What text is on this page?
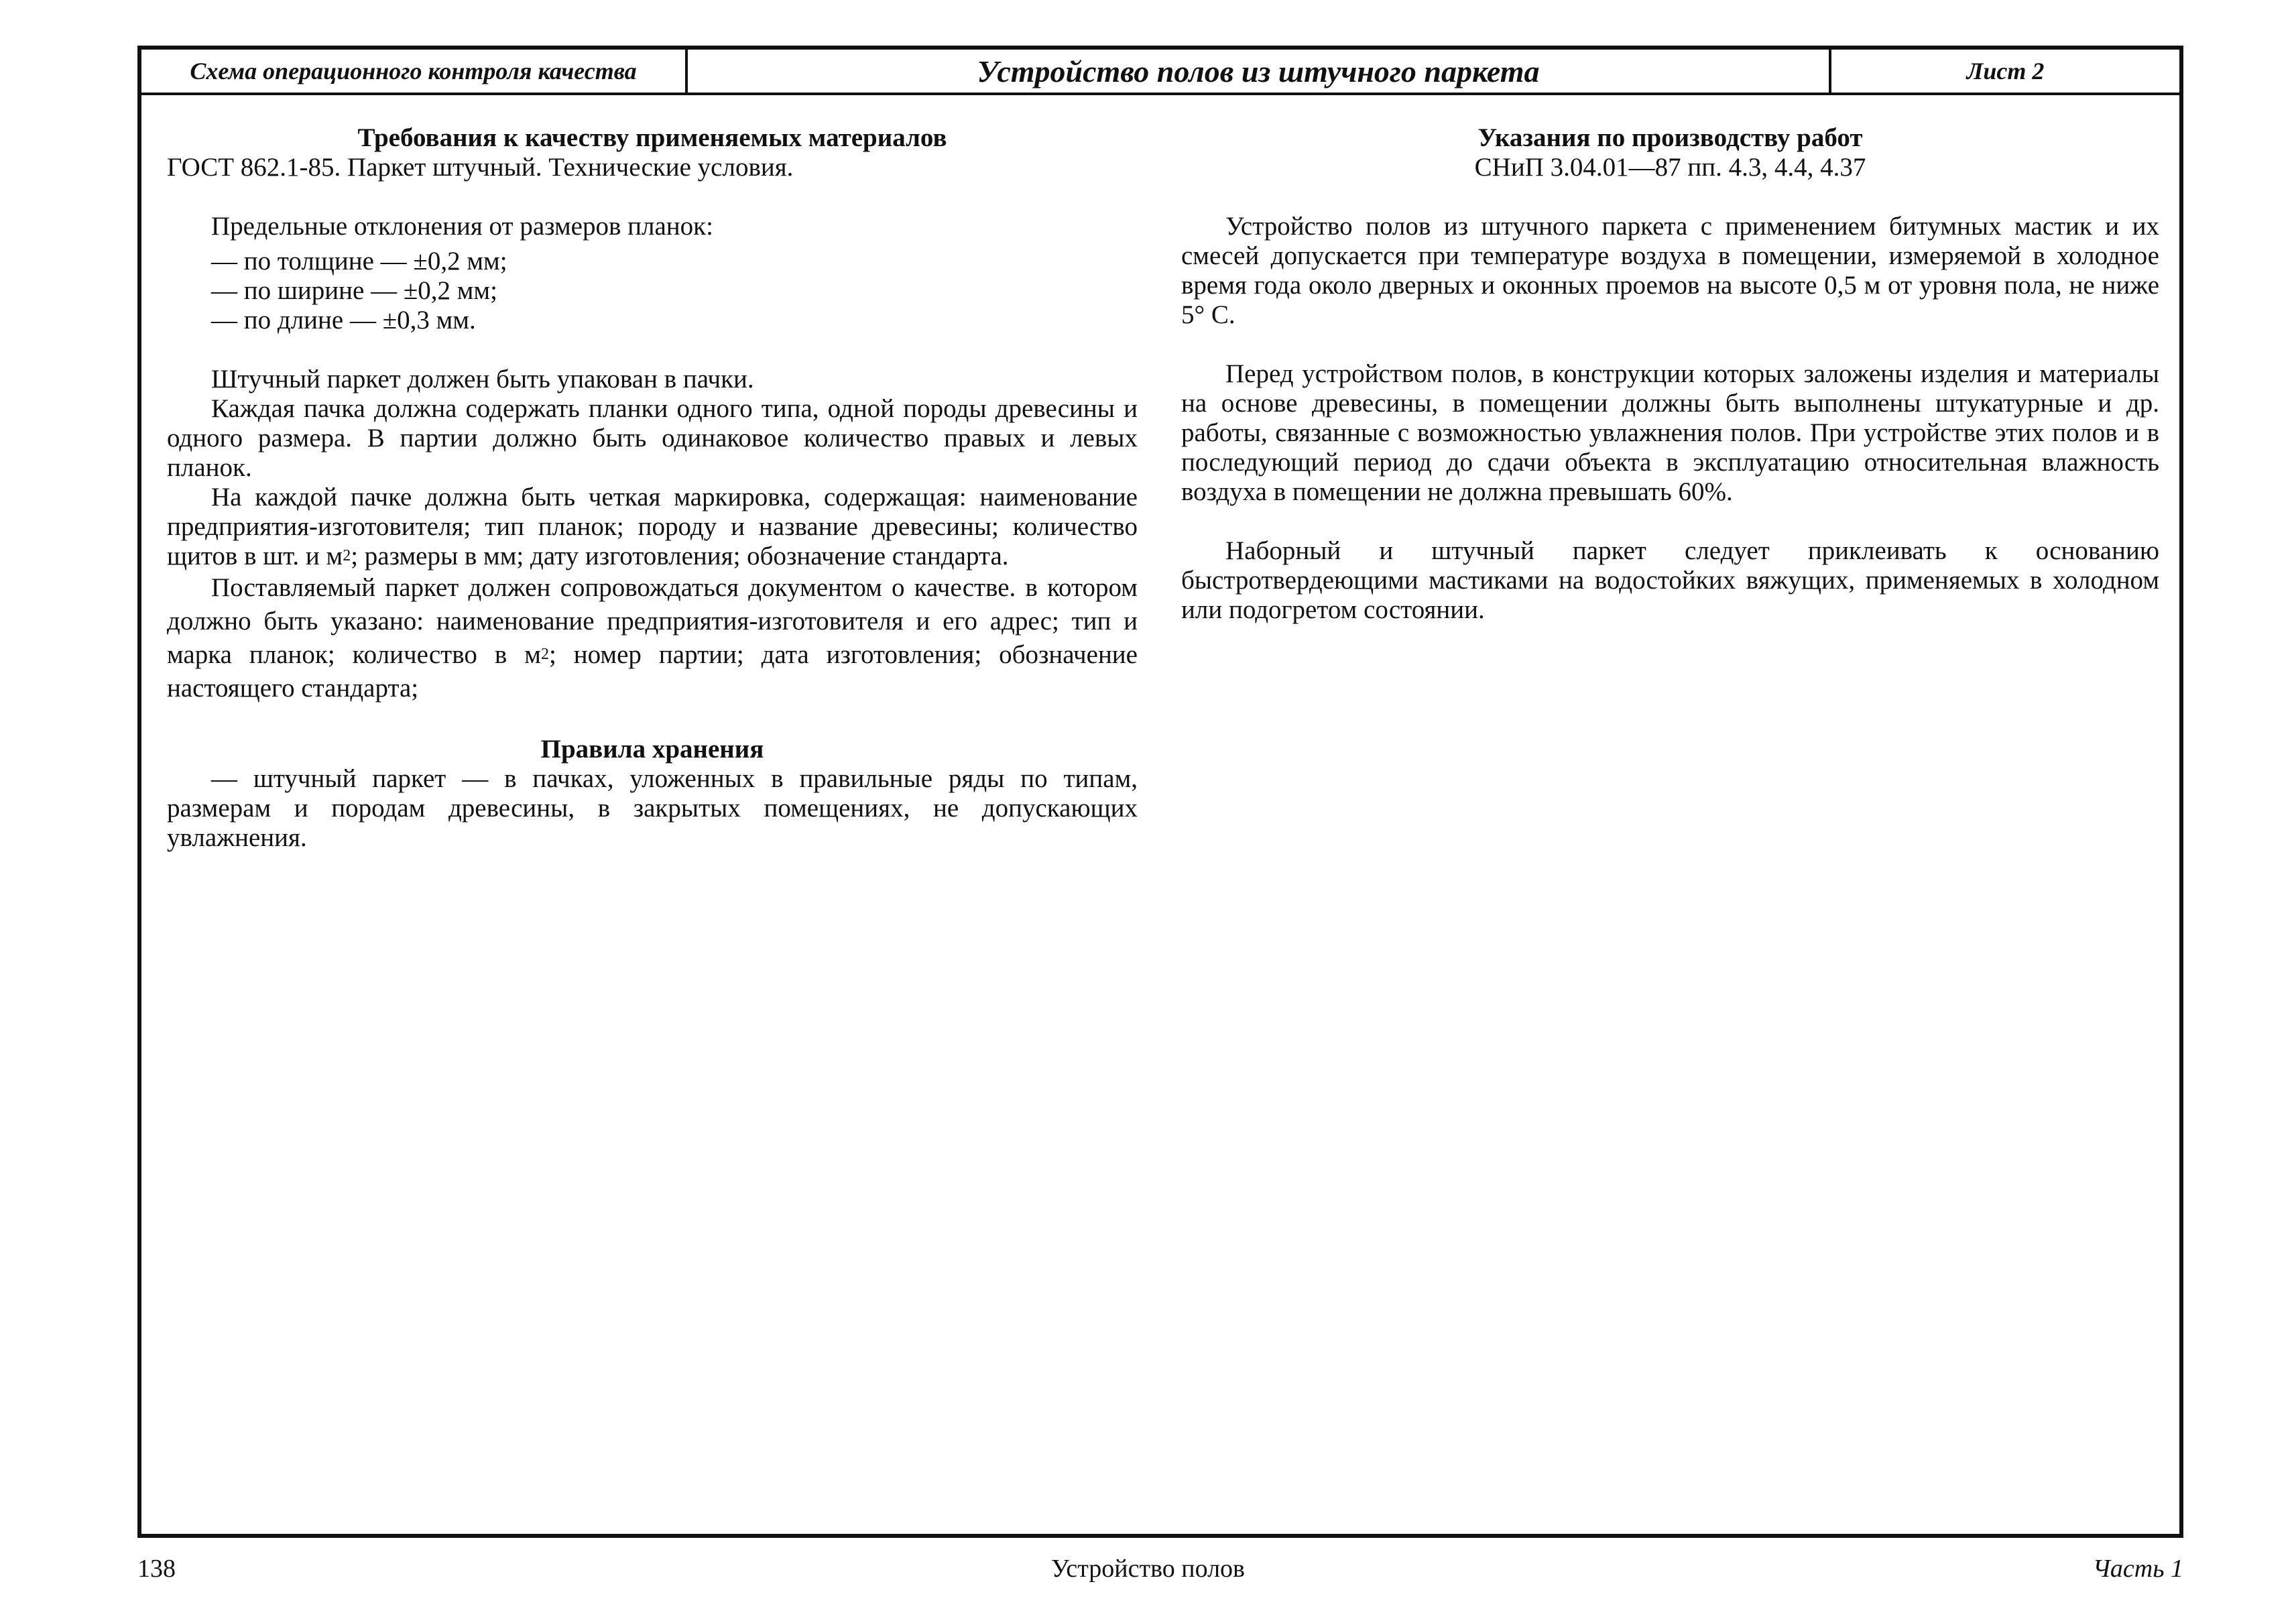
Схема операционного контроля качества	Устройство полов из штучного паркета	Лист 2
Требования к качеству применяемых материалов

ГОСТ 862.1-85. Паркет штучный. Технические условия.

Предельные отклонения от размеров планок:

— по толщине — ±0,2 мм;
— по ширине — ±0,2 мм;
— по длине — ±0,3 мм.

Штучный паркет должен быть упакован в пачки.

Каждая пачка должна содержать планки одного типа, одной породы древесины и одного размера. В партии должно быть одинаковое количество правых и левых планок.

На каждой пачке должна быть четкая маркировка, содержащая: наименование предприятия-изготовителя; тип планок; породу и название древесины; количество щитов в шт. и $м^2$; размеры в мм; дату изготовления; обозначение стандарта.

Поставляемый паркет должен сопровождаться документом о качестве. в котором должно быть указано: наименование предприятия-изготовителя и его адрес; тип и марка планок; количество в $м^2$; номер партии; дата изготовления; обозначение настоящего стандарта;

Правила хранения

— штучный паркет — в пачках, уложенных в правильные ряды по типам, размерам и породам древесины, в закрытых помещениях, не допускающих увлажнения.

Указания по производству работ
СНиП 3.04.01—87 пп. 4.3, 4.4, 4.37

Устройство полов из штучного паркета с применением битумных мастик и их смесей допускается при температуре воздуха в помещении, измеряемой в холодное время года около дверных и оконных проемов на высоте 0,5 м от уровня пола, не ниже 5° С.

Перед устройством полов, в конструкции которых заложены изделия и материалы на основе древесины, в помещении должны быть выполнены штукатурные и др. работы, связанные с возможностью увлажнения полов. При устройстве этих полов и в последующий период до сдачи объекта в эксплуатацию относительная влажность воздуха в помещении не должна превышать 60%.

Наборный и штучный паркет следует приклеивать к основанию быстротвердеющими мастиками на водостойких вяжущих, применяемых в холодном или подогретом состоянии.

138	Устройство полов	Часть 1
